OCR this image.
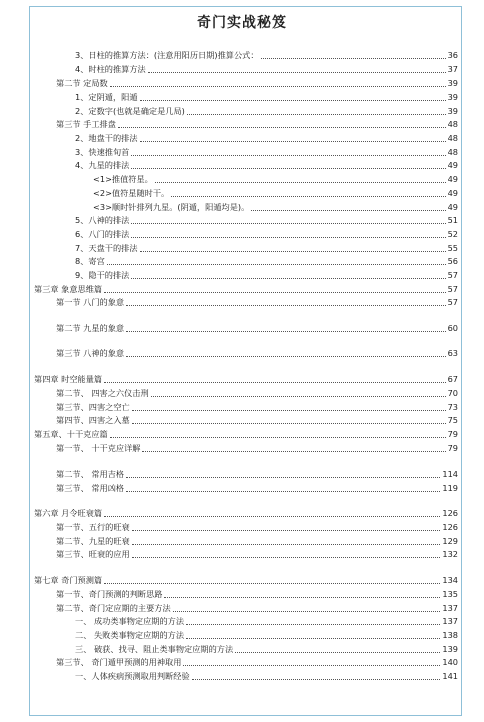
奇门实战秘笈
3、日柱的推算方法：(注意用阳历日期)推算公式：	36
4、时柱的推算方法	37
第二节 定局数	39
1、定阴遁，阳遁	39
2、定数字(也就是确定是几局)	39
第三节 手工排盘	48
2、地盘干的排法	48
3、快速推旬首	48
4、九星的排法	49
<1>推值符星。	49
<2>值符星随时干。	49
<3>顺时针排列九星。(阴遁，阳遁均是)。	49
5、八神的排法	51
6、八门的排法	52
7、天盘干的排法	55
8、寄宫	56
9、隐干的排法	57
第三章 象意思维篇	57
第一节 八门的象意	57
第二节 九星的象意	60
第三节 八神的象意	63
第四章 时空能量篇	67
第二节、 四害之六仪击刑	70
第三节、四害之空亡	73
第四节、四害之入墓	75
第五章、十干克应篇	79
第一节、 十干克应详解	79
第二节、 常用吉格	114
第三节、 常用凶格	119
第六章 月令旺衰篇	126
第一节、五行的旺衰	126
第二节、九星的旺衰	129
第三节、旺衰的应用	132
第七章 奇门预测篇	134
第一节、奇门预测的判断思路	135
第二节、奇门定应期的主要方法	137
一、 成功类事物定应期的方法	137
二、 失败类事物定应期的方法	138
三、 破获、找寻、阻止类事物定应期的方法	139
第三节、 奇门遁甲预测的用神取用	140
一、人体疾病预测取用判断经验	141
